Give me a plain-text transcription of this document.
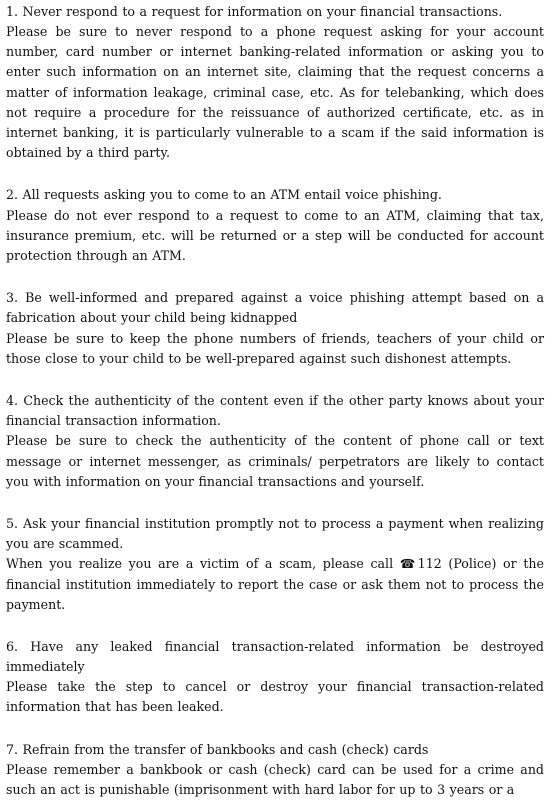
1. Never respond to a request for information on your financial transactions.

Please be sure to never respond to a phone request asking for your account number, card number or internet banking-related information or asking you to enter such information on an internet site, claiming that the request concerns a matter of information leakage, criminal case, etc. As for telebanking, which does not require a procedure for the reissuance of authorized certificate, etc. as in internet banking, it is particularly vulnerable to a scam if the said information is obtained by a third party.

2. All requests asking you to come to an ATM entail voice phishing.

Please do not ever respond to a request to come to an ATM, claiming that tax, insurance premium, etc. will be returned or a step will be conducted for account protection through an ATM.

3. Be well-informed and prepared against a voice phishing attempt based on a fabrication about your child being kidnapped

Please be sure to keep the phone numbers of friends, teachers of your child or those close to your child to be well-prepared against such dishonest attempts.

4. Check the authenticity of the content even if the other party knows about your financial transaction information.

Please be sure to check the authenticity of the content of phone call or text message or internet messenger, as criminals/ perpetrators are likely to contact you with information on your financial transactions and yourself.

5. Ask your financial institution promptly not to process a payment when realizing you are scammed.

When you realize you are a victim of a scam, please call ☎112 (Police) or the financial institution immediately to report the case or ask them not to process the payment.

6. Have any leaked financial transaction-related information be destroyed immediately

Please take the step to cancel or destroy your financial transaction-related information that has been leaked.

7. Refrain from the transfer of bankbooks and cash (check) cards

Please remember a bankbook or cash (check) card can be used for a crime and such an act is punishable (imprisonment with hard labor for up to 3 years or a
